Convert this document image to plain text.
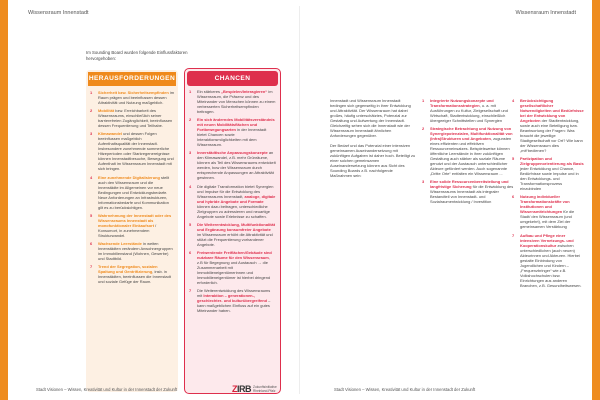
Wissensraum Innenstadt
Im Sounding Board wurden folgende Einflussfaktoren hervorgehoben:
HERAUSFORDERUNGEN
1	Sicherheit bzw. Sicherheitsempfinden im Raum prägen und beeinflussen dessen Attraktivität und Nutzung maßgeblich.
2	Mobilität bzw. Erreichbarkeit des Wissensraums, einschließlich seiner barrierefreien Zugänglichkeit, beeinflussen dessen Frequentierung und Teilhabe.
3	Klimawandel und dessen Folgen beeinflussen maßgeblich Aufenthaltsqualität der Innenstadt. Insbesondere zunehmende sommerliche Hitzeperioden oder Starkregenereignisse können Innenstadtbesuche, Bewegung und Aufenthalt im Wissensraum Innenstadt mit sich bringen.
4	Eine zunehmende Digitalisierung stellt auch den Wissensraum und die Innenstädte im Allgemeinen vor neue Bedingungen und Entwicklungsbedarfe. Neue Anforderungen an Infrastrukturen, Informationsbedarfe und Kommunikation gilt es zu berücksichtigen.
5	Wahrnehmung der Innenstadt oder des Wissensraums Innenstadt als monofunktionaler Einkaufsort / Konsumort, in zunehmendem Strukturwandel.
6	Wachsende Leerstände in weiten Innenstädten verändern Anwohnergruppen im Immobilienstand (Wohnen, Gewerbe) und Stadtbild.
7	Trend der Segregation, sozialen Spaltung und Gentrifizierung, insb. in Innenstädten, beeinflussen die Innenstadt und soziale Gefüge der Raum.
CHANCEN
1	Ein stärkeres „Bespielen/Interagieren“ im Wissensraum, die Präsenz und des Miteinander von Menschen können zu einem verbesserten Sicherheitsempfinden beitragen.
2	Ein sich änderndes Mobilitätsverständnis mit neuen Mobilitätsflächen und Fortbewegungsarten in der Innenstadt bietet Chancen sowie Interaktionsmöglichkeiten mit dem Wissensraum.
3	Innerstädtische Anpassungskonzepte an den Klimawandel, z.B. mehr Grünräume, können als Teil des Wissensraums entwickelt werden, bow der Wissensraum durch entsprechende Anpassungen an Attraktivität gewinnen.
4	Die digitale Transformation bietet Synergien und Impulse für die Entwicklung des Wissensraums Innenstadt, analoge, digitale und hybride Angebote und Formate können dazu beitragen, unterschiedliche Zielgruppen zu adressieren und neuartige Angebote sowie Erlebnisse zu schaffen.
5	Die Weiterentwicklung, Multifunktionalität und Ergänzung konsumfreier Angebote im Wissensraum erhöht die Attraktivität und stützt die Frequentierung vorhandener Angebote.
6	Freiwerdende Freiflächen/Gebäude sind nutzbare Räume für den Wissensraum, z.B für Begegnung und Austausch → die Zusammenarbeit mit Immobilieneigentümerinnen und Immobilieneigentümer ist hierbei dringend erforderlich.
7	Die Weiterentwicklung des Wissensraums mit Interaktion – generationen-, geschlechter- und kulturübergreifend – kann maßgeblichen Einfluss auf ein gutes Miteinander haben.
Stadt Visionen – Wissen, Kreativität und Kultur in der Innenstadt der Zukunft	ZIRB Zukunftsinitiative Rheinland-Pfalz
Wissensraum Innenstadt

Innenstadt und Wissensraum Innenstadt bedingen sich gegenseitig in ihrer Entwicklung und Attraktivität. Der Wissensraum hat dabei großes, häufig unterschätztes, Potenzial zur Gestaltung und Aufwertung der Innenstadt. Gleichzeitig sehen sich die Innenstadt wie der Wissensraum Innenstadt ähnlichen Anforderungen gegenüber.

Der Bedarf und das Potenzial einer intensiven gemeinsamen Auseinandersetzung mit zukünftigen Aufgaben ist daher hoch. Beteiligt zu einer solchen gemeinsamen Auseinandersetzung können aus Sicht des Sounding Boards z.B. nachfolgende Maßnahmen sein:

1	Integrierte Nutzungskonzepte und Transformationsstrategien, u. a. mit Ausführungen zu Kultur, Zielgesellschaft und Wirtschaft, Stadtentwicklung, einschließlich übergeeiger Schnittstellen und Synergien
2	Strategische Betrachtung und Nutzung von Synergiepotenzialen, Multifunktionalität von (Infra)Strukturen und Angeboten, zugunsten eines effizienten und effektiven Ressourceneinsatzes. Beispielsweise können öffentliche Leerstände in ihrer zukünftigen Gestaltung auch stärker als soziale Räume genutzt und der Austausch unterschiedlicher Akteure gefördert werden. Auch sogenannte „Dritte Orte“ entfalten ein Wissensraum ...
3	Eine solide Ressourcenbereitstellung und langfristige Sicherung für die Entwicklung des Wissensraums Innenstadt als integraler Bestandteil von Innenstadt- und Sozialraumentwicklung / Investition
4	Berücksichtigung gesellschaftlicher Notwendigkeiten und Bedürfnisse bei der Entwicklung von Angeboten der Stadtentwicklung, sowie auch eine Beteiligung bzw. Beantwortung der Fragen: Was braucht die jeweilige Stadtgesellschaft vor Ort? Wie kann der Wissensraum dies „mit“bedienen?
5	Partizipation und Zielgruppenorientierung als Basis jeder Entwicklung und Chance, Bedürfnisse sowie Impulse und in den Entwicklungs- und Transformationsprozess einzubinden
6	Nutzung individueller Transformationskräfte von Institutionen und Wissensmitrichtungen für die Stadt/ den Wissensraum (und umgekehrt), mit dem Ziel der gemeinsamen Verstärkung
7	Aufbau und Pflege einer intensiven Vernetzungs- und Kooperationskultur zwischen unterschiedlichen (auch neuen) Akteurinnen und Akteuren. Hierbei gestalte Einbindung von Jugendlichen und Kindern – „Frequenzbringer“ wie z.B. Volkshochschulen bzw. Einrichtungen aus anderen Branchen, z.B. Gesundheitswesen.
Stadt Visionen – Wissen, Kreativität und Kultur in der Innenstadt der Zukunft
